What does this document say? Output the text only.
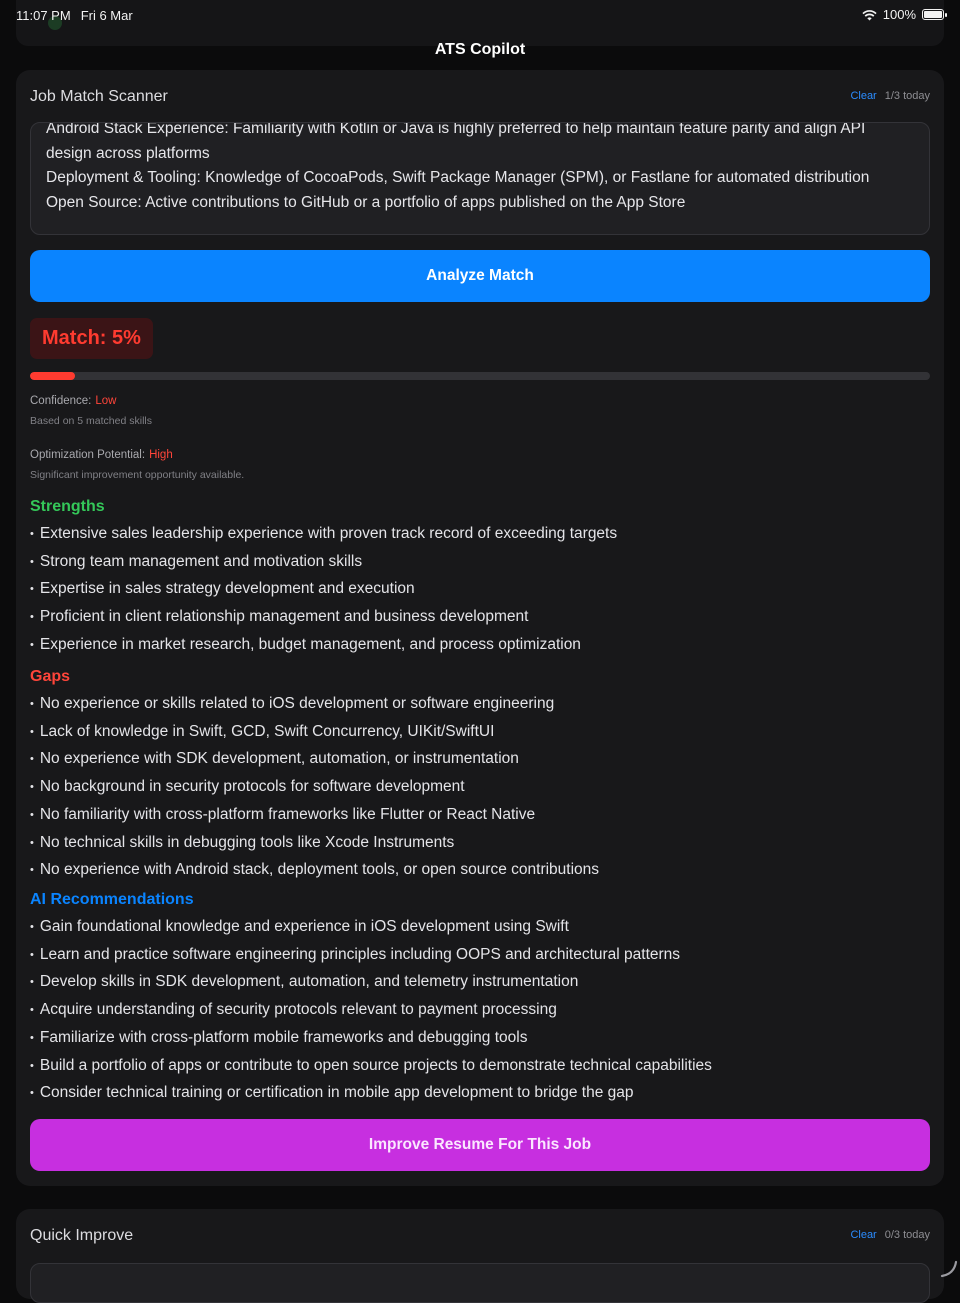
11:07 PM Fri 6 Mar	100%
ATS Copilot
Job Match Scanner	Clear 1/3 today
Android Stack Experience: Familiarity with Kotlin or Java is highly preferred to help maintain feature parity and align API
design across platforms
Deployment & Tooling: Knowledge of CocoaPods, Swift Package Manager (SPM), or Fastlane for automated distribution
Open Source: Active contributions to GitHub or a portfolio of apps published on the App Store
Analyze Match
Match: 5%
Confidence: Low
Based on 5 matched skills
Optimization Potential: High
Significant improvement opportunity available.
Strengths
• Extensive sales leadership experience with proven track record of exceeding targets
• Strong team management and motivation skills
• Expertise in sales strategy development and execution
• Proficient in client relationship management and business development
• Experience in market research, budget management, and process optimization
Gaps
• No experience or skills related to iOS development or software engineering
• Lack of knowledge in Swift, GCD, Swift Concurrency, UIKit/SwiftUI
• No experience with SDK development, automation, or instrumentation
• No background in security protocols for software development
• No familiarity with cross-platform frameworks like Flutter or React Native
• No technical skills in debugging tools like Xcode Instruments
• No experience with Android stack, deployment tools, or open source contributions
AI Recommendations
• Gain foundational knowledge and experience in iOS development using Swift
• Learn and practice software engineering principles including OOPS and architectural patterns
• Develop skills in SDK development, automation, and telemetry instrumentation
• Acquire understanding of security protocols relevant to payment processing
• Familiarize with cross-platform mobile frameworks and debugging tools
• Build a portfolio of apps or contribute to open source projects to demonstrate technical capabilities
• Consider technical training or certification in mobile app development to bridge the gap
Improve Resume For This Job
Quick Improve	Clear 0/3 today
